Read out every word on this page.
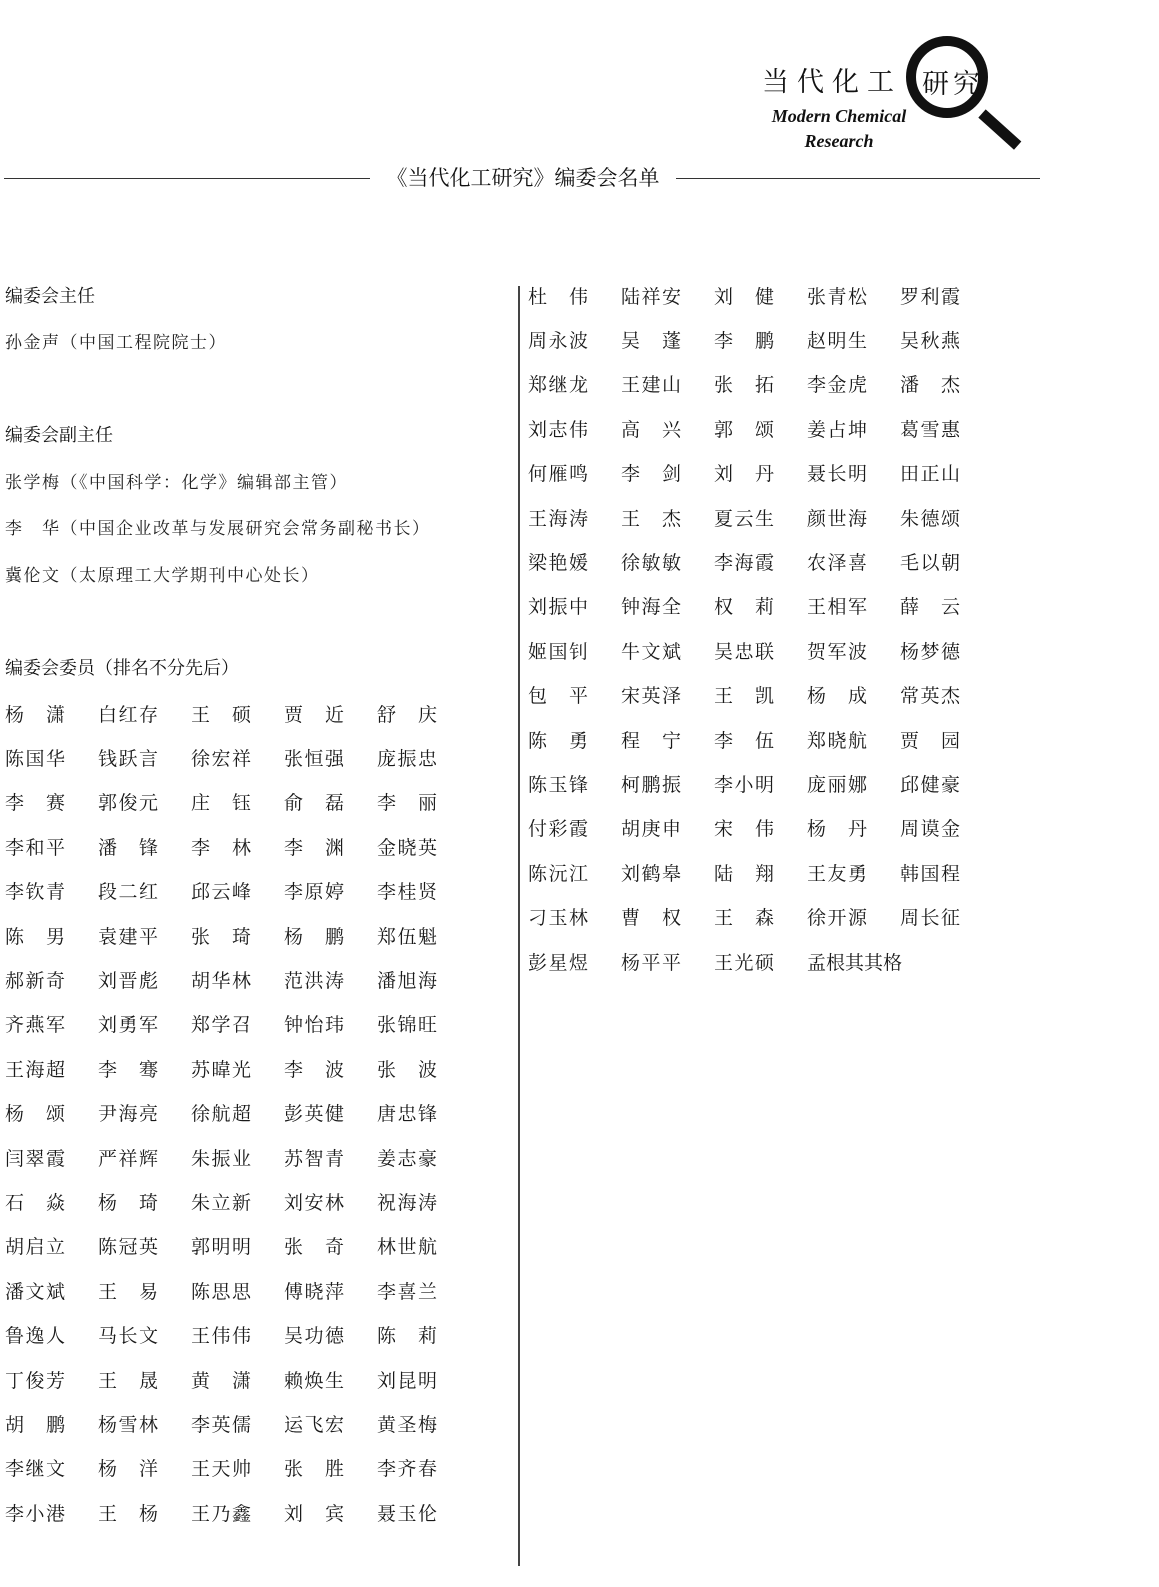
当代化工 研究
Modern Chemical
Research
《当代化工研究》编委会名单
编委会主任
孙金声（中国工程院院士）
编委会副主任
张学梅（《中国科学：化学》编辑部主管）
李　华（中国企业改革与发展研究会常务副秘书长）
冀伦文（太原理工大学期刊中心处长）
编委会委员（排名不分先后）
杨 潇 白 红 存 王 硕 贾 近 舒 庆
陈 国 华 钱 跃 言 徐 宏 祥 张 恒 强 庞 振 忠
李 赛 郭 俊 元 庄 钰 俞 磊 李 丽
李 和 平 潘 锋 李 林 李 渊 金 晓 英
李 钦 青 段 二 红 邱 云 峰 李 原 婷 李 桂 贤
陈 男 袁 建 平 张 琦 杨 鹏 郑 伍 魁
郝 新 奇 刘 晋 彪 胡 华 林 范 洪 涛 潘 旭 海
齐 燕 军 刘 勇 军 郑 学 召 钟 怡 玮 张 锦 旺
王 海 超 李 骞 苏 暐 光 李 波 张 波
杨 颂 尹 海 亮 徐 航 超 彭 英 健 唐 忠 锋
闫 翠 霞 严 祥 辉 朱 振 业 苏 智 青 姜 志 豪
石 焱 杨 琦 朱 立 新 刘 安 林 祝 海 涛
胡 启 立 陈 冠 英 郭 明 明 张 奇 林 世 航
潘 文 斌 王 易 陈 思 思 傅 晓 萍 李 喜 兰
鲁 逸 人 马 长 文 王 伟 伟 吴 功 德 陈 莉
丁 俊 芳 王 晟 黄 潇 赖 焕 生 刘 昆 明
胡 鹏 杨 雪 林 李 英 儒 运 飞 宏 黄 圣 梅
李 继 文 杨 洋 王 天 帅 张 胜 李 齐 春
李 小 港 王 杨 王 乃 鑫 刘 宾 聂 玉 伦
杜 伟 陆 祥 安 刘 健 张 青 松 罗 利 霞
周 永 波 吴 蓬 李 鹏 赵 明 生 吴 秋 燕
郑 继 龙 王 建 山 张 拓 李 金 虎 潘 杰
刘 志 伟 高 兴 郭 颂 姜 占 坤 葛 雪 惠
何 雁 鸣 李 剑 刘 丹 聂 长 明 田 正 山
王 海 涛 王 杰 夏 云 生 颜 世 海 朱 德 颂
梁 艳 媛 徐 敏 敏 李 海 霞 农 泽 喜 毛 以 朝
刘 振 中 钟 海 全 权 莉 王 相 军 薛 云
姬 国 钊 牛 文 斌 吴 忠 联 贺 军 波 杨 梦 德
包 平 宋 英 泽 王 凯 杨 成 常 英 杰
陈 勇 程 宁 李 伍 郑 晓 航 贾 园
陈 玉 锋 柯 鹏 振 李 小 明 庞 丽 娜 邱 健 豪
付 彩 霞 胡 庚 申 宋 伟 杨 丹 周 谟 金
陈 沅 江 刘 鹤 皋 陆 翔 王 友 勇 韩 国 程
刁 玉 林 曹 权 王 森 徐 开 源 周 长 征
彭 星 煜 杨 平 平 王 光 硕 孟 根 其 其 格
